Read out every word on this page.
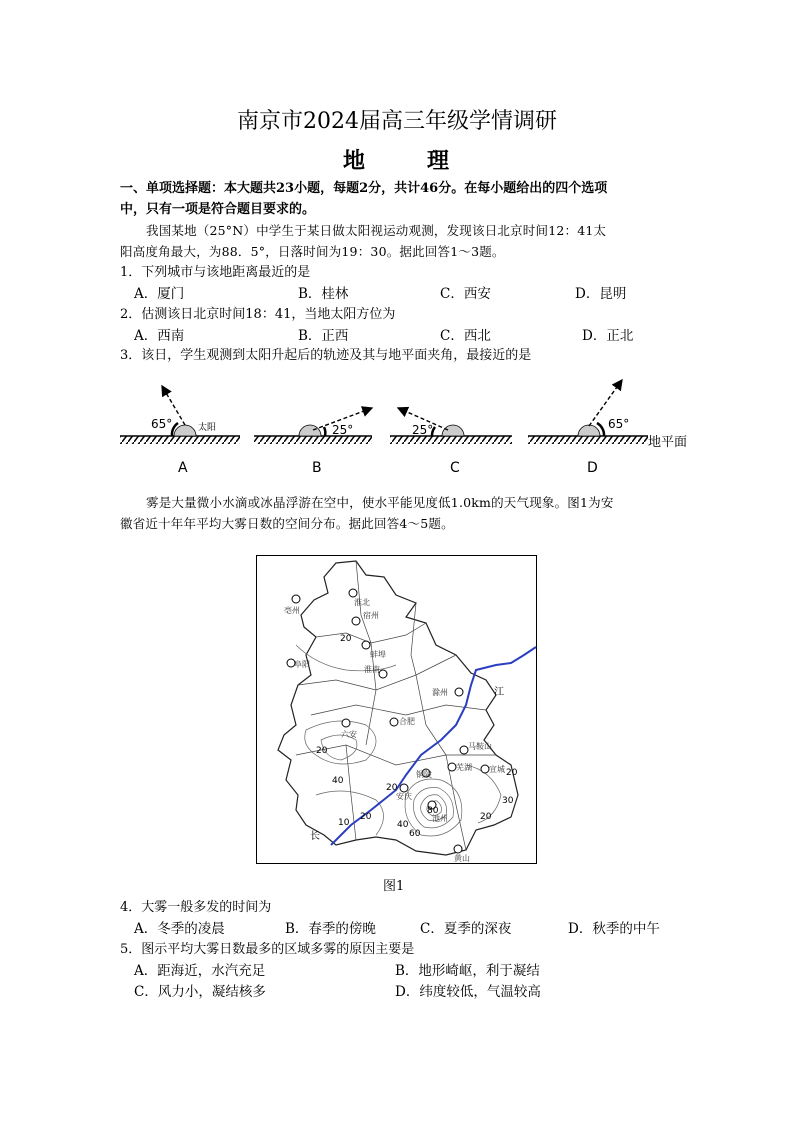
南京市2024届高三年级学情调研
地	理
一、单项选择题：本大题共23小题，每题2分，共计46分。在每小题给出的四个选项
中，只有一项是符合题目要求的。
我国某地（25°N）中学生于某日做太阳视运动观测，发现该日北京时间12：41太
阳高度角最大，为88．5°，日落时间为19：30。据此回答1～3题。
1．下列城市与该地距离最近的是
A．厦门	B．桂林	C．西安	D．昆明
2．估测该日北京时间18：41，当地太阳方位为
A．西南	B．正西	C．西北	D．正北
3．该日，学生观测到太阳升起后的轨迹及其与地平面夹角，最接近的是
65°	太阳
A
25°
B
25°
C
65°
D
地平面
雾是大量微小水滴或冰晶浮游在空中，使水平能见度低1.0km的天气现象。图1为安
徽省近十年年平均大雾日数的空间分布。据此回答4～5题。
淮北
亳州
宿州
蚌埠
阜阳
淮南
滁州
六安
合肥
马鞍山
芜湖 宣城
安庆
铜陵
池州
黄山
20
20
20
40
10
20
40
60
80
20
30
20
江
长
图1
4．大雾一般多发的时间为
A．冬季的凌晨	B．春季的傍晚	C．夏季的深夜	D．秋季的中午
5．图示平均大雾日数最多的区域多雾的原因主要是
A．距海近，水汽充足	B．地形崎岖，利于凝结
C．风力小，凝结核多	D．纬度较低，气温较高
